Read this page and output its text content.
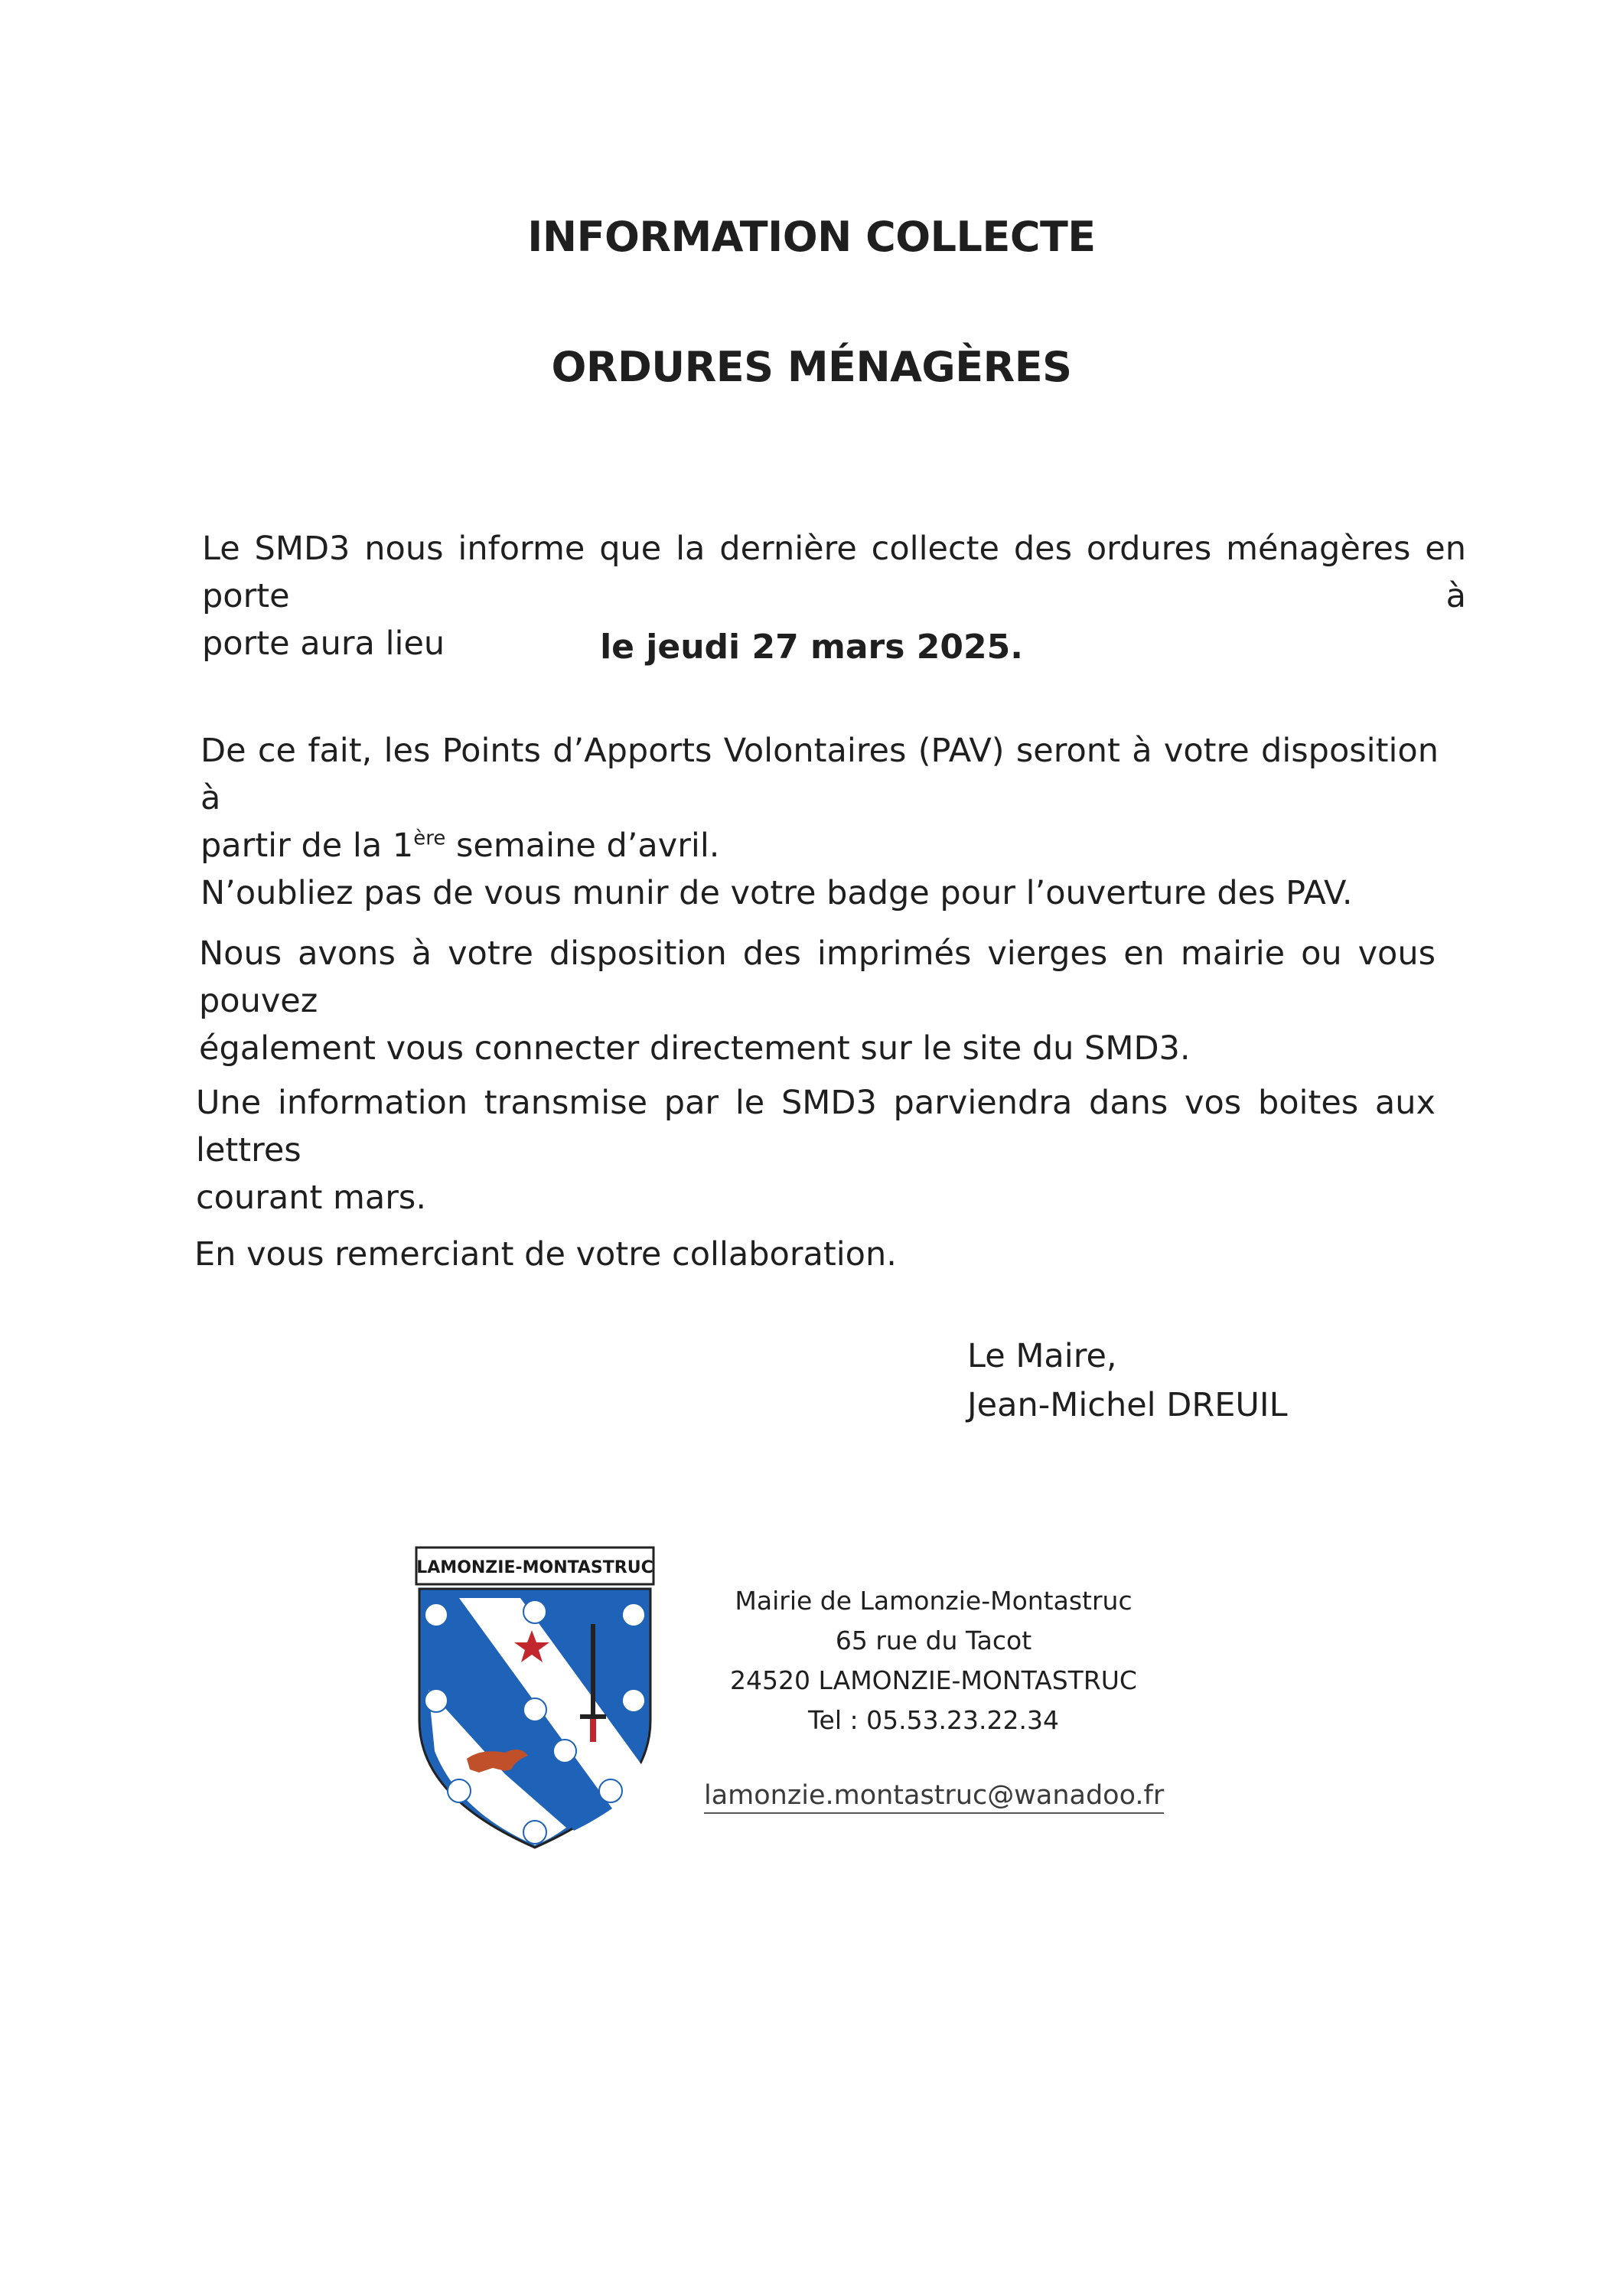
INFORMATION COLLECTE
ORDURES MÉNAGÈRES
Le SMD3 nous informe que la dernière collecte des ordures ménagères en porte à
porte aura lieu	le jeudi 27 mars 2025.
De ce fait, les Points d’Apports Volontaires (PAV) seront à votre disposition à
partir de la 1ère semaine d’avril.
N’oubliez pas de vous munir de votre badge pour l’ouverture des PAV.
Nous avons à votre disposition des imprimés vierges en mairie ou vous pouvez
également vous connecter directement sur le site du SMD3.
Une information transmise par le SMD3 parviendra dans vos boites aux lettres
courant mars.
En vous remerciant de votre collaboration.
Le Maire,
Jean-Michel DREUIL
LAMONZIE-MONTASTRUC
Mairie de Lamonzie-Montastruc
65 rue du Tacot
24520 LAMONZIE-MONTASTRUC
Tel : 05.53.23.22.34
lamonzie.montastruc@wanadoo.fr
